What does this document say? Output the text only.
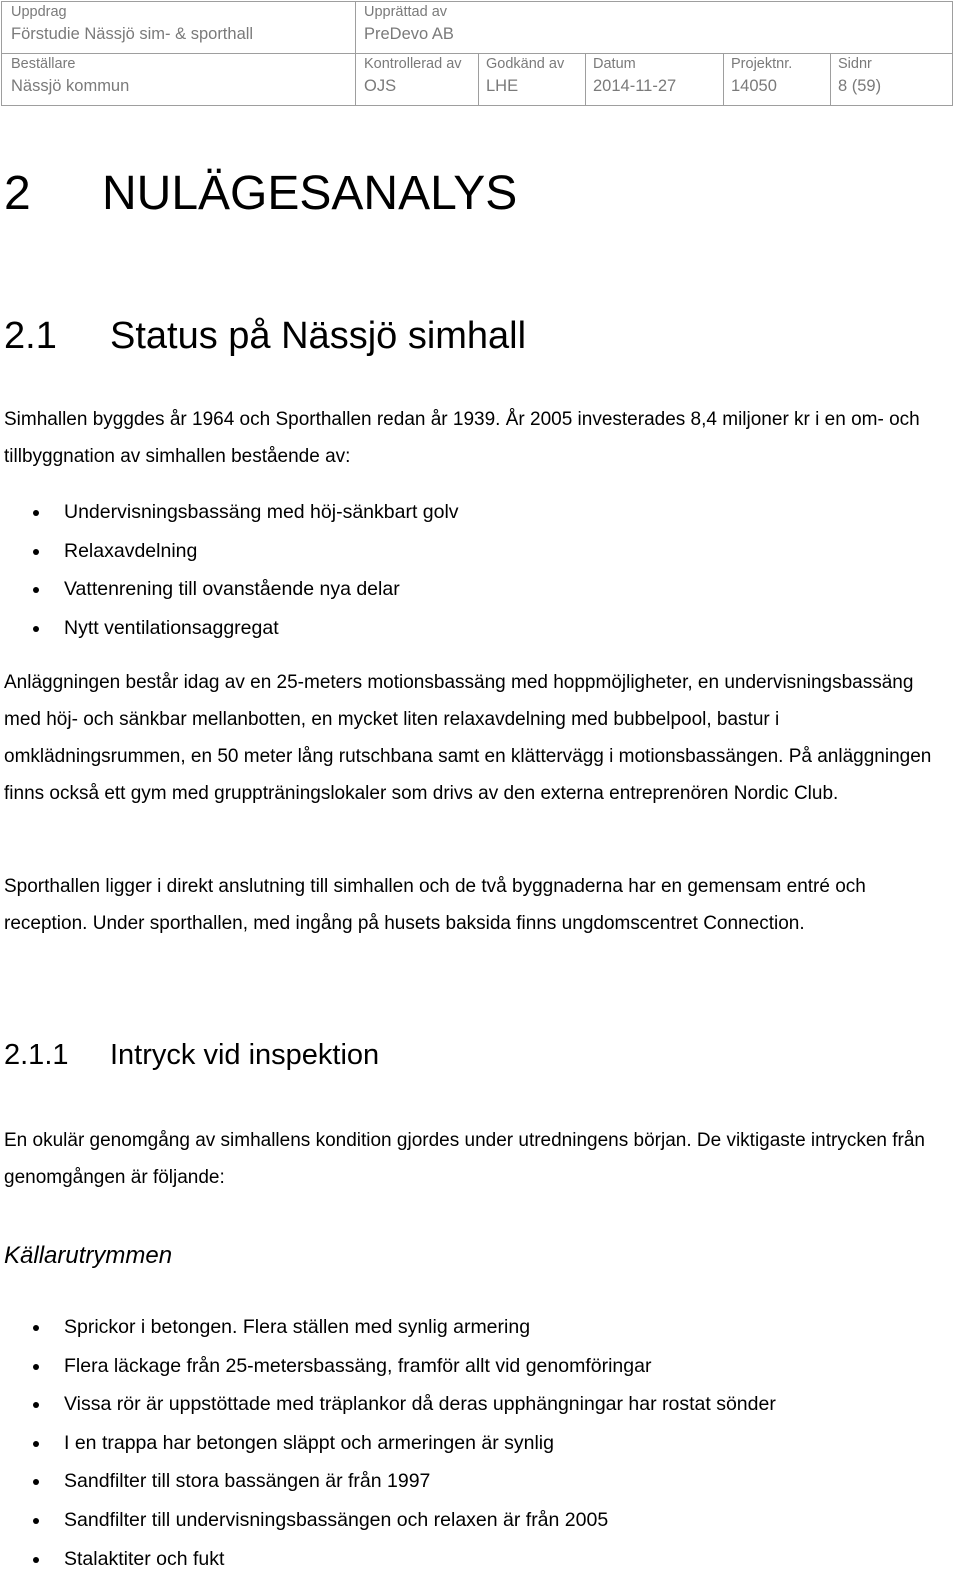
Uppdrag
Förstudie Nässjö sim- & sporthall
Upprättad av
PreDevo AB
Beställare
Nässjö kommun
Kontrollerad av
OJS
Godkänd av
LHE
Datum
2014-11-27
Projektnr.
14050
Sidnr
8 (59)
2 NULÄGESANALYS
2.1 Status på Nässjö simhall

Simhallen byggdes år 1964 och Sporthallen redan år 1939. År 2005 investerades 8,4 miljoner kr i en om- och tillbyggnation av simhallen bestående av:

Undervisningsbassäng med höj-sänkbart golv
Relaxavdelning
Vattenrening till ovanstående nya delar
Nytt ventilationsaggregat

Anläggningen består idag av en 25-meters motionsbassäng med hoppmöjligheter, en undervisningsbassäng med höj- och sänkbar mellanbotten, en mycket liten relaxavdelning med bubbelpool, bastur i omklädningsrummen, en 50 meter lång rutschbana samt en klättervägg i motionsbassängen. På anläggningen finns också ett gym med gruppträningslokaler som drivs av den externa entreprenören Nordic Club.

Sporthallen ligger i direkt anslutning till simhallen och de två byggnaderna har en gemensam entré och reception. Under sporthallen, med ingång på husets baksida finns ungdomscentret Connection.

2.1.1 Intryck vid inspektion

En okulär genomgång av simhallens kondition gjordes under utredningens början. De viktigaste intrycken från genomgången är följande:

Källarutrymmen
Sprickor i betongen. Flera ställen med synlig armering
Flera läckage från 25-metersbassäng, framför allt vid genomföringar
Vissa rör är uppstöttade med träplankor då deras upphängningar har rostat sönder
I en trappa har betongen släppt och armeringen är synlig
Sandfilter till stora bassängen är från 1997
Sandfilter till undervisningsbassängen och relaxen är från 2005
Stalaktiter och fukt
